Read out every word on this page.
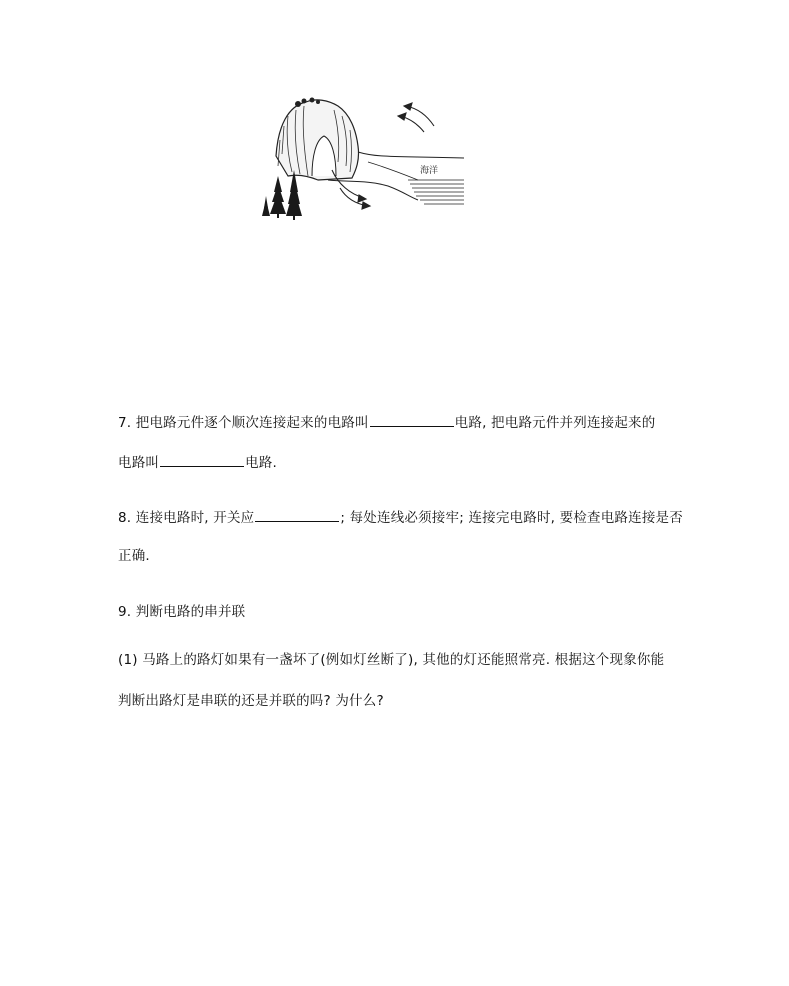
海洋
7. 把电路元件逐个顺次连接起来的电路叫	电路, 把电路元件并列连接起来的
电路叫	电路.
8. 连接电路时, 开关应	; 每处连线必须接牢; 连接完电路时, 要检查电路连接是否
正确.
9. 判断电路的串并联
(1) 马路上的路灯如果有一盏坏了(例如灯丝断了), 其他的灯还能照常亮. 根据这个现象你能
判断出路灯是串联的还是并联的吗? 为什么?
